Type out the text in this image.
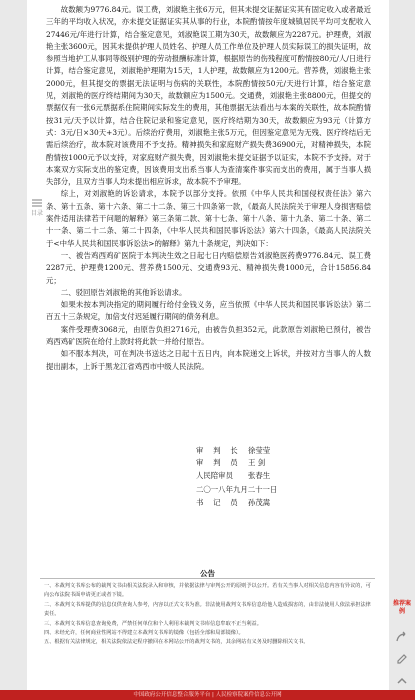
目录

故数额为9776.84元。误工费，刘淑艳主张6万元，但其未提交证据证实其有固定收入或者最近三年的平均收入状况，亦未提交证据证实其从事的行业，本院酌情按年度城镇居民平均可支配收入27446元/年进行计算，结合鉴定意见，刘淑艳误工期为30天，故数额应为2287元。护理费，刘淑艳主张3600元，因其未提供护理人员姓名、护理人员工作单位及护理人员实际误工的损失证明，故参照当地护工从事同等级别护理的劳动报酬标准计算，根据原告的伤残程度可酌情按80元/人/日进行计算，结合鉴定意见，刘淑艳护理期为15天，1人护理，故数额应为1200元。营养费，刘淑艳主张2000元，但其提交的票据无法证明与伤病的关联性，本院酌情按50元/天进行计算，结合鉴定意见，刘淑艳的医疗终结期间为30天，故数额应为1500元。交通费，刘淑艳主张8800元，但提交的票据仅有一张6元票据系住院期间实际发生的费用，其他票据无法看出与本案的关联性，故本院酌情按31元/天予以计算，结合住院记录和鉴定意见，医疗终结期为30天，故数额应为93元（计算方式：3元/日×30天+3元）。后续治疗费用，刘淑艳主张5万元，但因鉴定意见为无残、医疗终结后无需后续治疗，故本院对该费用不予支持。精神损失和家庭财产损失费36900元，对精神损失，本院酌情按1000元予以支持，对家庭财产损失费，因刘淑艳未提交证据予以证实，本院不予支持。对于本案双方实际支出的鉴定费，因该费用支出系当事人为查清案件事实而支出的费用，属于当事人损失部分，且双方当事人均未提出相应诉求，故本院不予审理。

综上，对刘淑艳的诉讼请求，本院予以部分支持。依照《中华人民共和国侵权责任法》第六条、第十五条、第十六条、第二十二条、第三十四条第一款，《最高人民法院关于审理人身损害赔偿案件适用法律若干问题的解释》第三条第二款、第十七条、第十八条、第十九条、第二十条、第二十一条、第二十二条、第二十四条，《中华人民共和国民事诉讼法》第六十四条，《最高人民法院关于<中华人民共和国民事诉讼法>的解释》第九十条规定，判决如下：

一、被告鸡西鸡矿医院于本判决生效之日起七日内赔偿原告刘淑艳医药费9776.84元、误工费2287元、护理费1200元、营养费1500元、交通费93元、精神损失费1000元，合计15856.84元；

二、驳回原告刘淑艳的其他诉讼请求。

如果未按本判决指定的期间履行给付金钱义务，应当依照《中华人民共和国民事诉讼法》第二百五十三条规定，加倍支付迟延履行期间的债务利息。

案件受理费3068元，由原告负担2716元，由被告负担352元，此款原告刘淑艳已预付，被告鸡西鸡矿医院在给付上款时将此款一并给付原告。

如不服本判决，可在判决书送达之日起十五日内，向本院递交上诉状，并按对方当事人的人数提出副本，上诉于黑龙江省鸡西市中级人民法院。

审 判 长 徐莹莹
审 判 员 王 剑
人民陪审员	张春生
二〇一八年九月二十一日
书 记 员 孙茂嵩
公告

一、本裁判文书库公布的裁判文书由相关法院录入和审核，并依据法律与审判公开的原则予以公开。若有关当事人对相关信息内容有异议的，可向公布法院书面申请更正或者下镜。

二、本裁判文书库提供的信息仅供查询人参考，内容以正式文书为准。非法使用裁判文书库信息给他人造成损害的，由非法使用人依法承担法律责任。

三、本裁判文书库信息查询免费，严禁任何单位和个人利用本裁判文书库信息牟取不正当利益。

四、未经允许，任何商业性网站不得建立本裁判文书库的镜像（包括全部和局部镜像）。

五、根据有关法律规定，相关法院依法定程序撤回在本网站公开的裁判文书的，其余网站有义务及时删除相关文书。

推荐案例
中国政府公开信息整合服务平台 | 人民检察院案件信息公开网
